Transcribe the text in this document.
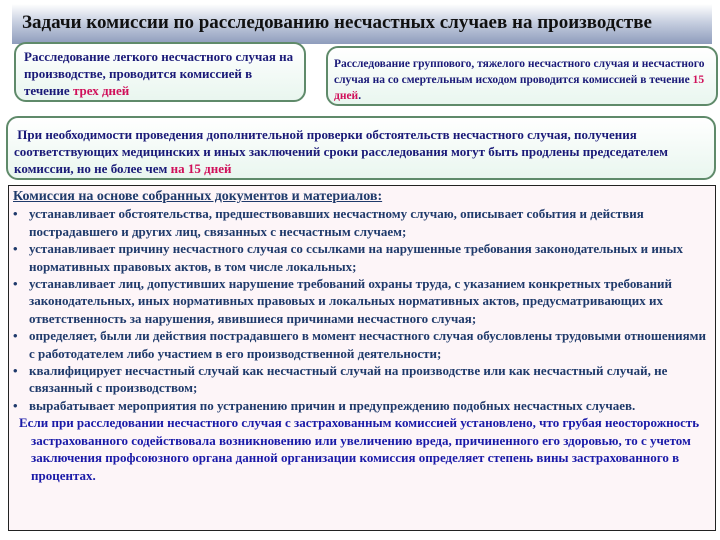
Задачи комиссии по расследованию несчастных случаев на производстве
Расследование легкого несчастного случая на производстве, проводится комиссией в течение трех дней
Расследование группового, тяжелого несчастного случая и несчастного случая на со смертельным исходом проводится комиссией в течение 15 дней.
При необходимости проведения дополнительной проверки обстоятельств несчастного случая, получения соответствующих медицинских и иных заключений сроки расследования могут быть продлены председателем комиссии, но не более чем на 15 дней
Комиссия на основе собранных документов и материалов:
• устанавливает обстоятельства, предшествовавших несчастному случаю, описывает события и действия пострадавшего и других лиц, связанных с несчастным случаем;
• устанавливает причину несчастного случая со ссылками на нарушенные требования законодательных и иных нормативных правовых актов, в том числе локальных;
• устанавливает лиц, допустивших нарушение требований охраны труда, с указанием конкретных требований законодательных, иных нормативных правовых и локальных нормативных актов, предусматривающих их ответственность за нарушения, явившиеся причинами несчастного случая;
• определяет, были ли действия пострадавшего в момент несчастного случая обусловлены трудовыми отношениями с работодателем либо участием в его производственной деятельности;
• квалифицирует несчастный случай как несчастный случай на производстве или как несчастный случай, не связанный с производством;
• вырабатывает мероприятия по устранению причин и предупреждению подобных несчастных случаев.
Если при расследовании несчастного случая с застрахованным комиссией установлено, что грубая неосторожность застрахованного содействовала возникновению или увеличению вреда, причиненного его здоровью, то с учетом заключения профсоюзного органа данной организации комиссия определяет степень вины застрахованного в процентах.
